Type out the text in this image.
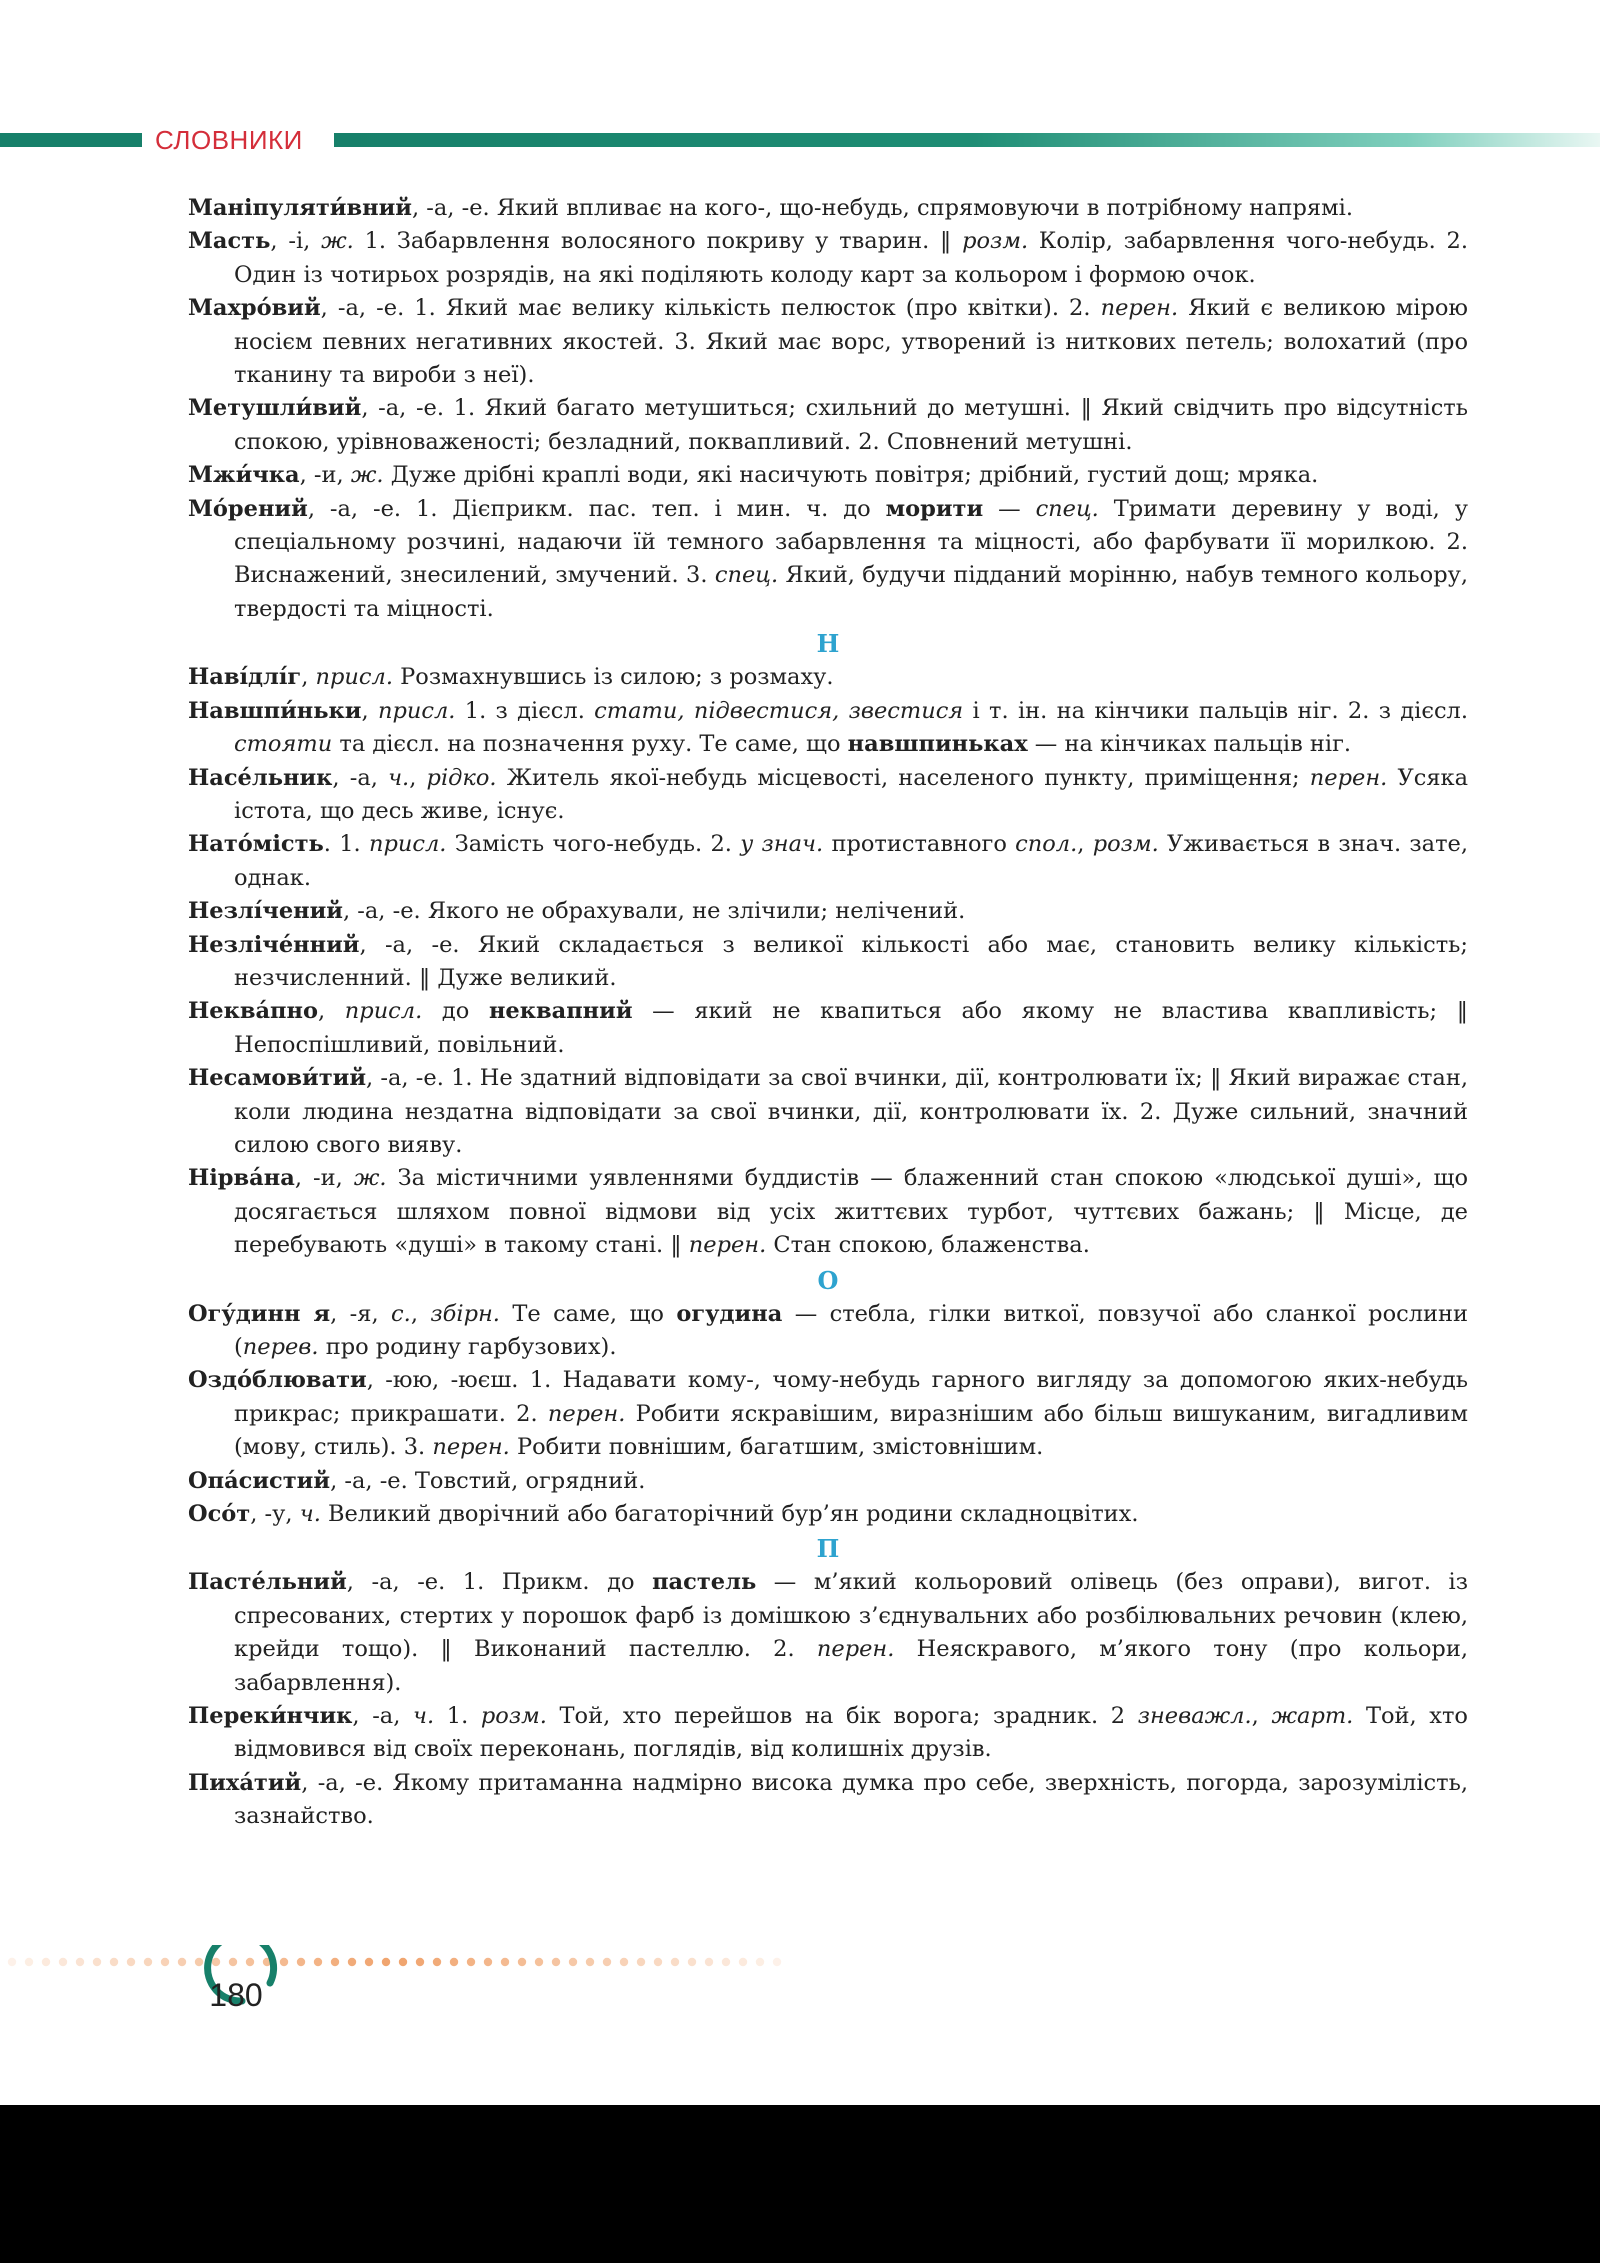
СЛОВНИКИ

Маніпуляти́вний, -а, -е. Який впливає на кого-, що-небудь, спрямовуючи в потрібному напрямі.

Масть, -і, ж. 1. Забарвлення волосяного покриву у тварин. ‖ розм. Колір, забарвлення чого-небудь. 2. Один із чотирьох розрядів, на які поділяють колоду карт за кольором і формою очок.

Махро́вий, -а, -е. 1. Який має велику кількість пелюсток (про квітки). 2. перен. Який є великою мірою носієм певних негативних якостей. 3. Який має ворс, утворений із ниткових петель; волохатий (про тканину та вироби з неї).

Метушли́вий, -а, -е. 1. Який багато метушиться; схильний до метушні. ‖ Який свідчить про відсутність спокою, урівноваженості; безладний, поквапливий. 2. Сповнений метушні.

Мжи́чка, -и, ж. Дуже дрібні краплі води, які насичують повітря; дрібний, густий дощ; мряка.

Мо́рений, -а, -е. 1. Дієприкм. пас. теп. і мин. ч. до морити — спец. Тримати деревину у воді, у спеціальному розчині, надаючи їй темного забарвлення та міцності, або фарбувати її морилкою. 2. Виснажений, знесилений, змучений. 3. спец. Який, будучи підданий морінню, набув темного кольору, твердості та міцності.

Н

Наві́длі́г, присл. Розмахнувшись із силою; з розмаху.

Навшпи́ньки, присл. 1. з дієсл. стати, підвестися, звестися і т. ін. на кінчики пальців ніг. 2. з дієсл. стояти та дієсл. на позначення руху. Те саме, що навшпиньках — на кінчиках пальців ніг.

Насе́льник, -а, ч., рідко. Житель якої-небудь місцевості, населеного пункту, приміщення; перен. Усяка істота, що десь живе, існує.

Нато́мість. 1. присл. Замість чого-небудь. 2. у знач. протиставного спол., розм. Уживається в знач. зате, однак.

Незлі́чений, -а, -е. Якого не обрахували, не злічили; нелічений.

Незліче́нний, -а, -е. Який складається з великої кількості або має, становить велику кількість; незчисленний. ‖ Дуже великий.

Неква́пно, присл. до неквапний — який не квапиться або якому не властива квапливість; ‖ Непоспішливий, повільний.

Несамови́тий, -а, -е. 1. Не здатний відповідати за свої вчинки, дії, контролювати їх; ‖ Який виражає стан, коли людина нездатна відповідати за свої вчинки, дії, контролювати їх. 2. Дуже сильний, значний силою свого вияву.

Нірва́на, -и, ж. За містичними уявленнями буддистів — блаженний стан спокою «людської душі», що досягається шляхом повної відмови від усіх життєвих турбот, чуттєвих бажань; ‖ Місце, де перебувають «душі» в такому стані. ‖ перен. Стан спокою, блаженства.

О

Огу́динн я, -я, с., збірн. Те саме, що огудина — стебла, гілки виткої, повзучої або сланкої рослини (перев. про родину гарбузових).

Оздо́блювати, -юю, -юєш. 1. Надавати кому-, чому-небудь гарного вигляду за допомогою яких-небудь прикрас; прикрашати. 2. перен. Робити яскравішим, виразнішим або більш вишуканим, вигадливим (мову, стиль). 3. перен. Робити повнішим, багатшим, змістовнішим.

Опа́систий, -а, -е. Товстий, огрядний.

Осо́т, -у, ч. Великий дворічний або багаторічний бур’ян родини складноцвітих.

П

Пасте́льний, -а, -е. 1. Прикм. до пастель — м’який кольоровий олівець (без оправи), вигот. із спресованих, стертих у порошок фарб із домішкою з’єднувальних або розбілювальних речовин (клею, крейди тощо). ‖ Виконаний пастеллю. 2. перен. Неяскравого, м’якого тону (про кольори, забарвлення).

Переки́нчик, -а, ч. 1. розм. Той, хто перейшов на бік ворога; зрадник. 2 зневажл., жарт. Той, хто відмовився від своїх переконань, поглядів, від колишніх друзів.

Пиха́тий, -а, -е. Якому притаманна надмірно висока думка про себе, зверхність, погорда, зарозумілість, зазнайство.

180
